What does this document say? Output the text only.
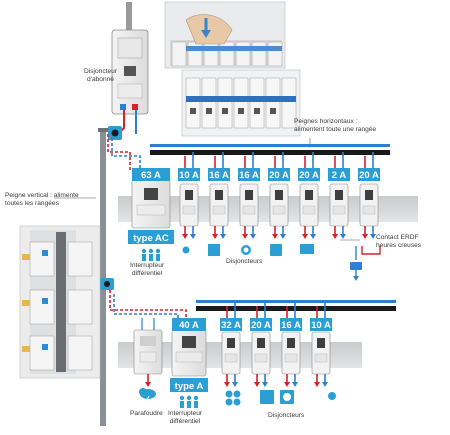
63 A
type AC
10 A 16 A 16 A 20 A 20 A 2 A 20 A
40 A
type A
32 A 20 A 16 A 10 A
Disjoncteur
d'abonné
Peignes horizontaux :
alimentent toute une rangée
Peigne vertical : alimente
toutes les rangées
Contact ERDF
heures creuses
Disjoncteurs
Disjoncteurs
Interrupteur
différentiel
Interrupteur
différentiel
Parafoudre
